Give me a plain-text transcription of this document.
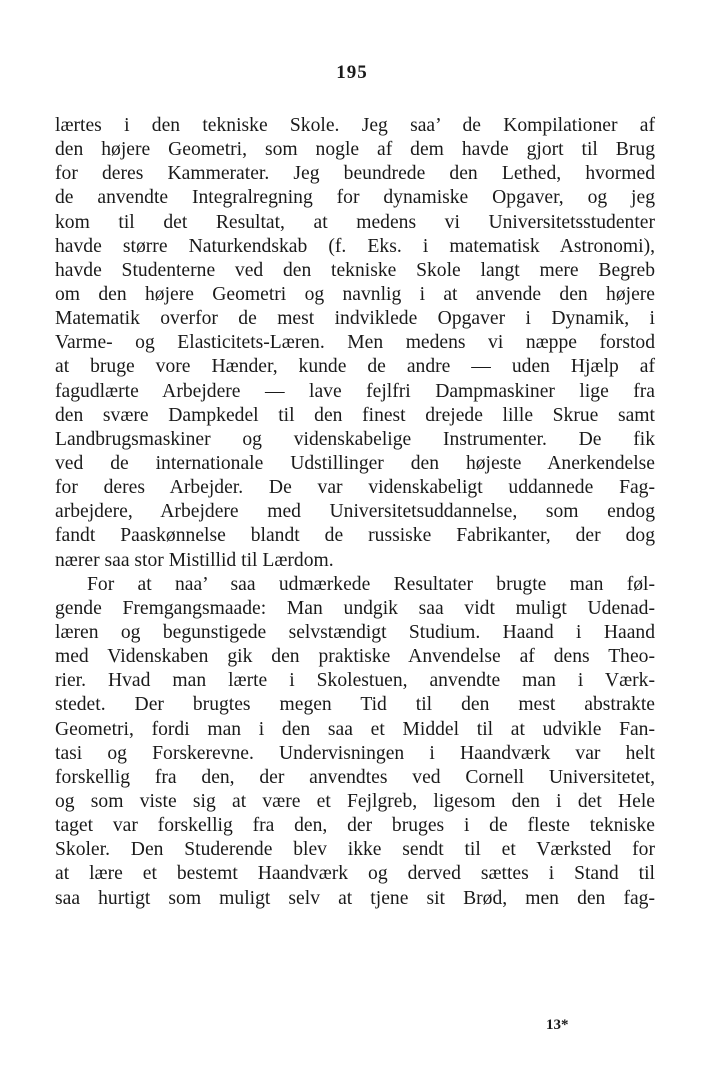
195
lærtes i den tekniske Skole. Jeg saa’ de Kompilationer af
den højere Geometri, som nogle af dem havde gjort til Brug
for deres Kammerater. Jeg beundrede den Lethed, hvormed
de anvendte Integralregning for dynamiske Opgaver, og jeg
kom til det Resultat, at medens vi Universitetsstudenter
havde større Naturkendskab (f. Eks. i matematisk Astronomi),
havde Studenterne ved den tekniske Skole langt mere Begreb
om den højere Geometri og navnlig i at anvende den højere
Matematik overfor de mest indviklede Opgaver i Dynamik, i
Varme- og Elasticitets-Læren. Men medens vi næppe forstod
at bruge vore Hænder, kunde de andre — uden Hjælp af
fagudlærte Arbejdere — lave fejlfri Dampmaskiner lige fra
den svære Dampkedel til den finest drejede lille Skrue samt
Landbrugsmaskiner og videnskabelige Instrumenter. De fik
ved de internationale Udstillinger den højeste Anerkendelse
for deres Arbejder. De var videnskabeligt uddannede Fag-
arbejdere, Arbejdere med Universitetsuddannelse, som endog
fandt Paaskønnelse blandt de russiske Fabrikanter, der dog
nærer saa stor Mistillid til Lærdom.
For at naa’ saa udmærkede Resultater brugte man føl-
gende Fremgangsmaade: Man undgik saa vidt muligt Udenad-
læren og begunstigede selvstændigt Studium. Haand i Haand
med Videnskaben gik den praktiske Anvendelse af dens Theo-
rier. Hvad man lærte i Skolestuen, anvendte man i Værk-
stedet. Der brugtes megen Tid til den mest abstrakte
Geometri, fordi man i den saa et Middel til at udvikle Fan-
tasi og Forskerevne. Undervisningen i Haandværk var helt
forskellig fra den, der anvendtes ved Cornell Universitetet,
og som viste sig at være et Fejlgreb, ligesom den i det Hele
taget var forskellig fra den, der bruges i de fleste tekniske
Skoler. Den Studerende blev ikke sendt til et Værksted for
at lære et bestemt Haandværk og derved sættes i Stand til
saa hurtigt som muligt selv at tjene sit Brød, men den fag-
13*
